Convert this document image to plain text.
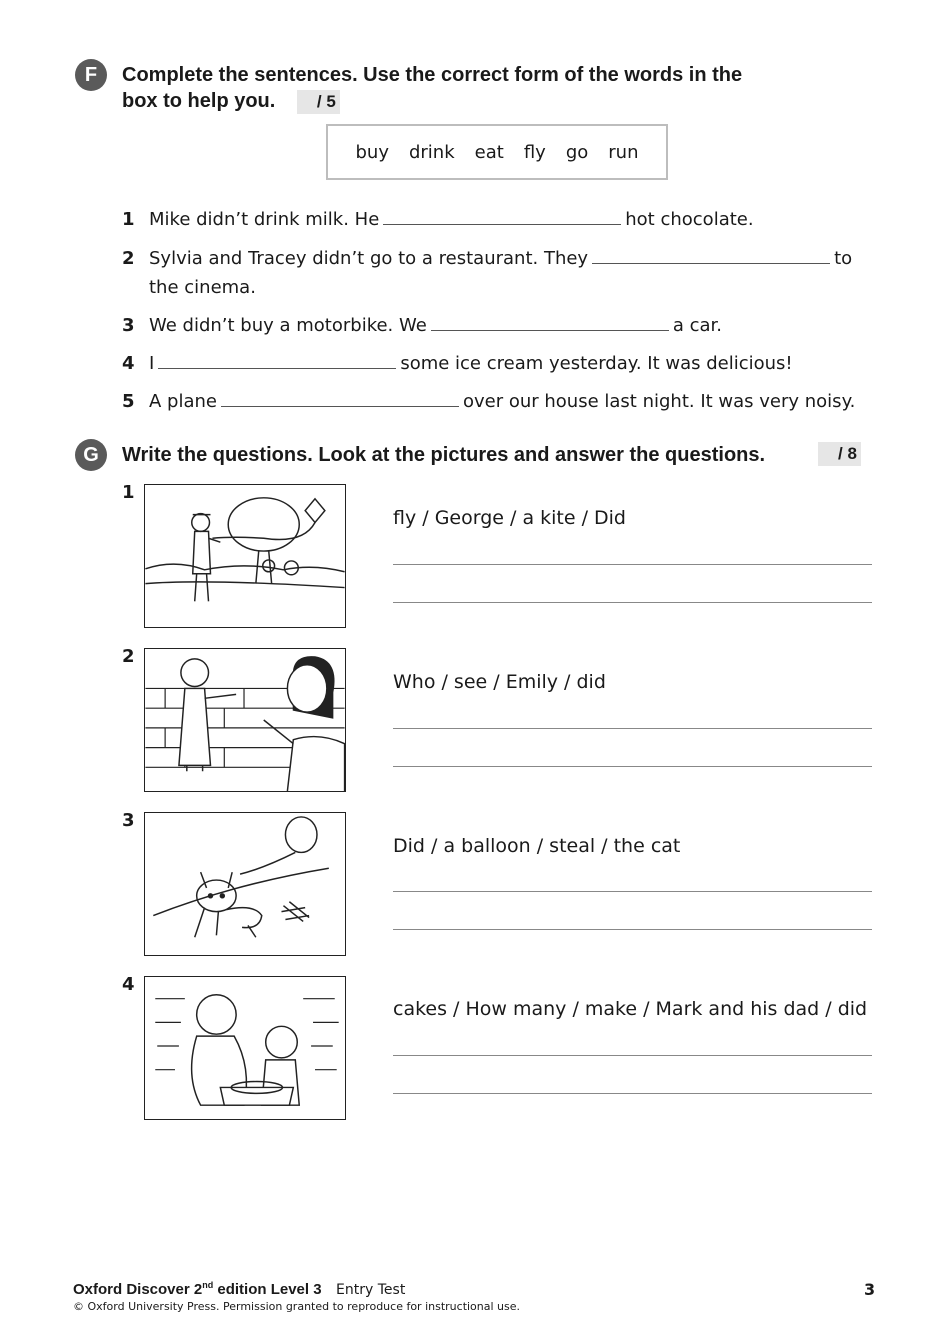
F	Complete the sentences. Use the correct form of the words in the
box to help you. / 5
buy drink eat fly go run
1 Mike didn’t drink milk. He	hot chocolate.
2 Sylvia and Tracey didn’t go to a restaurant. They	to
the cinema.
3 We didn’t buy a motorbike. We	a car.
4 I	some ice cream yesterday. It was delicious!
5 A plane	over our house last night. It was very noisy.
G	Write the questions. Look at the pictures and answer the questions.	/ 8
1
fly / George / a kite / Did
2
Who / see / Emily / did
3
Did / a balloon / steal / the cat
4
cakes / How many / make / Mark and his dad / did
Oxford Discover 2nd edition Level 3 Entry Test
© Oxford University Press. Permission granted to reproduce for instructional use.
3
